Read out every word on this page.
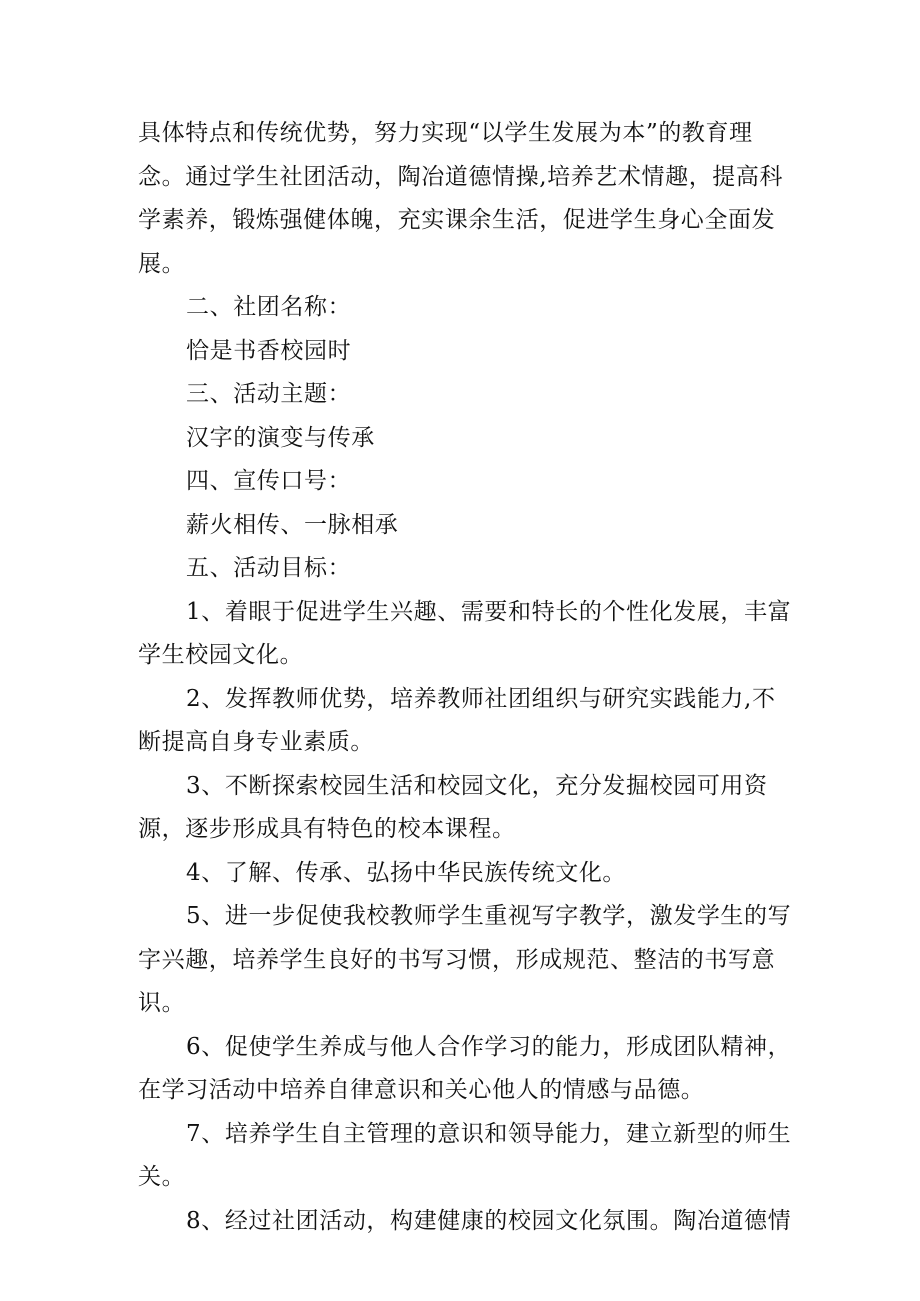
具体特点和传统优势，努力实现“以学生发展为本”的教育理念。通过学生社团活动，陶冶道德情操,培养艺术情趣，提高科学素养，锻炼强健体魄，充实课余生活，促进学生身心全面发展。

二、社团名称：

恰是书香校园时

三、活动主题：

汉字的演变与传承

四、宣传口号：

薪火相传、一脉相承

五、活动目标：

1、着眼于促进学生兴趣、需要和特长的个性化发展，丰富学生校园文化。

2、发挥教师优势，培养教师社团组织与研究实践能力,不断提高自身专业素质。

3、不断探索校园生活和校园文化，充分发掘校园可用资源，逐步形成具有特色的校本课程。

4、了解、传承、弘扬中华民族传统文化。

5、进一步促使我校教师学生重视写字教学，激发学生的写字兴趣，培养学生良好的书写习惯，形成规范、整洁的书写意识。

6、促使学生养成与他人合作学习的能力，形成团队精神，在学习活动中培养自律意识和关心他人的情感与品德。

7、培养学生自主管理的意识和领导能力，建立新型的师生关。

8、经过社团活动，构建健康的校园文化氛围。陶冶道德情
